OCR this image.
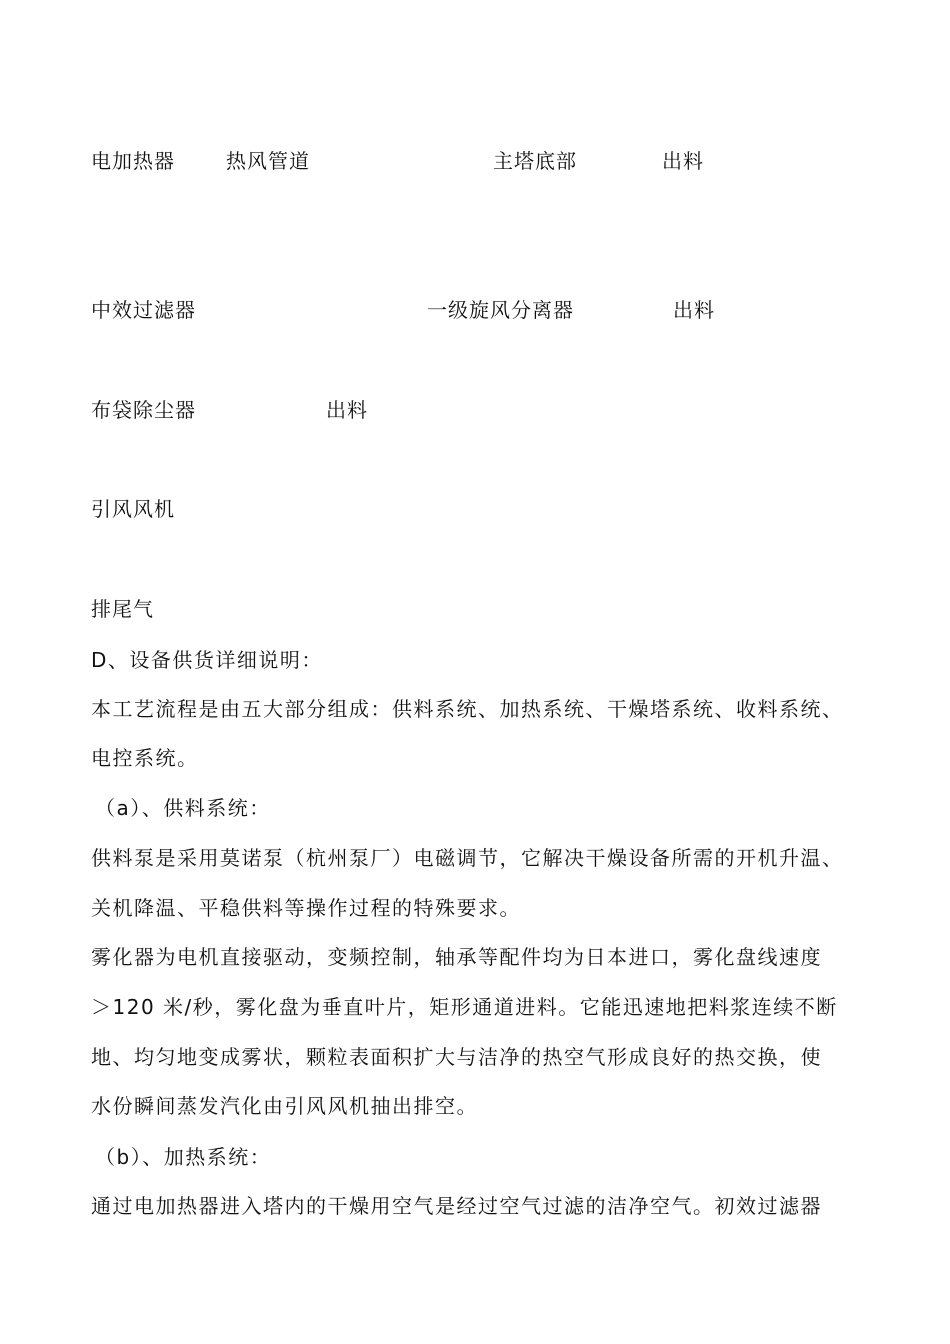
电加热器	热风管道	主塔底部	出料
中效过滤器	一级旋风分离器	出料
布袋除尘器	出料
引风风机
排尾气
D、设备供货详细说明：
本工艺流程是由五大部分组成：供料系统、加热系统、干燥塔系统、收料系统、
电控系统。
（a）、供料系统：
供料泵是采用莫诺泵（杭州泵厂）电磁调节，它解决干燥设备所需的开机升温、
关机降温、平稳供料等操作过程的特殊要求。
雾化器为电机直接驱动，变频控制，轴承等配件均为日本进口，雾化盘线速度
＞120 米/秒，雾化盘为垂直叶片，矩形通道进料。它能迅速地把料浆连续不断
地、均匀地变成雾状，颗粒表面积扩大与洁净的热空气形成良好的热交换，使
水份瞬间蒸发汽化由引风风机抽出排空。
（b）、加热系统：
通过电加热器进入塔内的干燥用空气是经过空气过滤的洁净空气。初效过滤器
